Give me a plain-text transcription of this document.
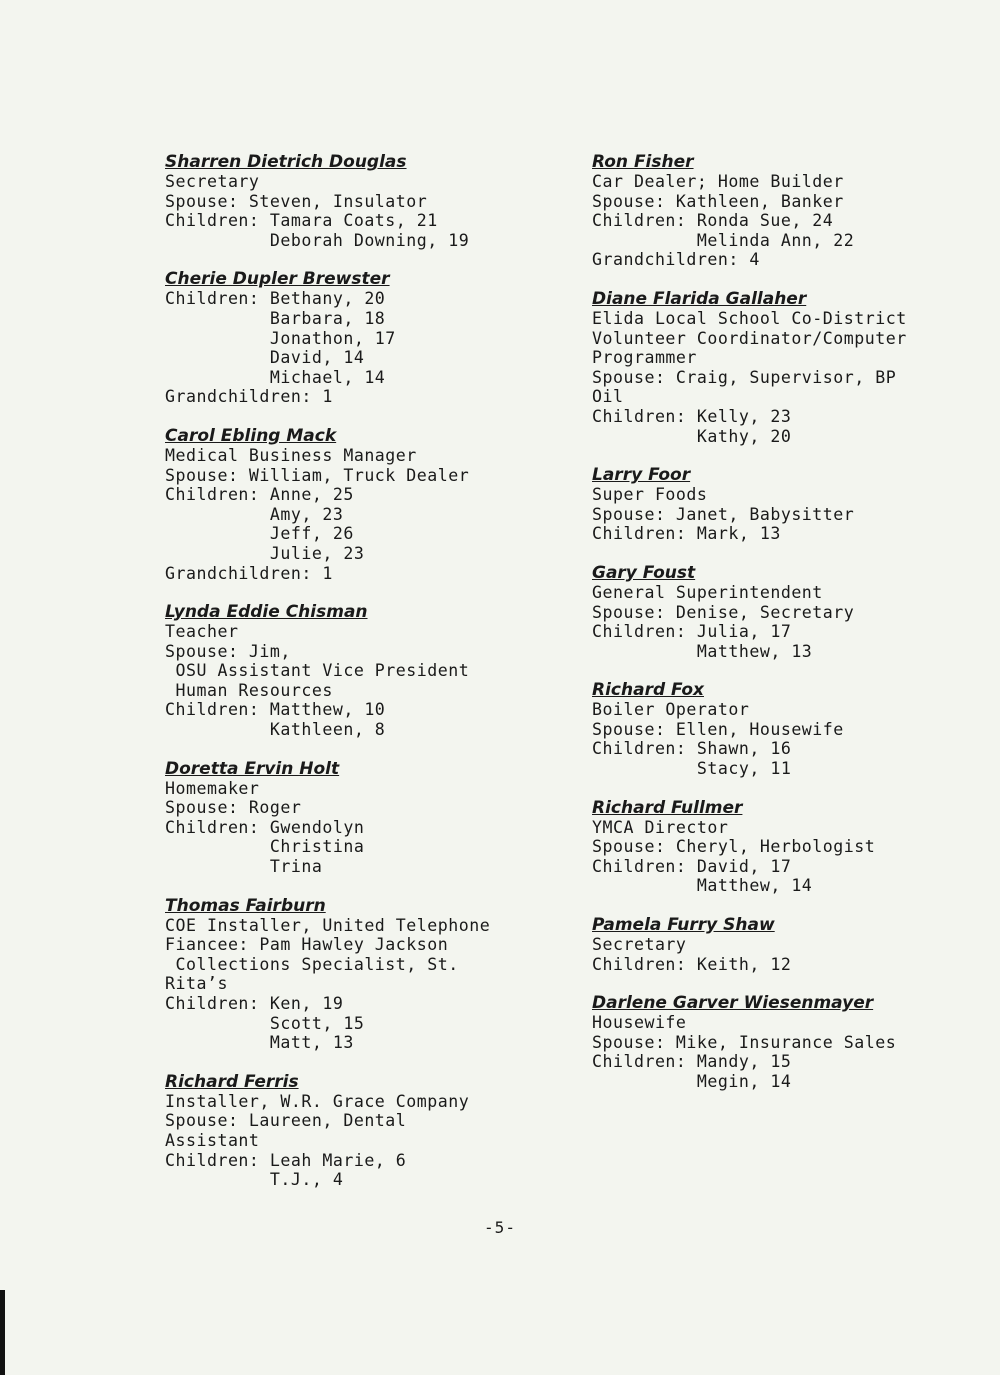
Sharren Dietrich Douglas
Secretary
Spouse: Steven, Insulator
Children: Tamara Coats, 21
Deborah Downing, 19
Cherie Dupler Brewster
Children: Bethany, 20
Barbara, 18
Jonathon, 17
David, 14
Michael, 14
Grandchildren: 1
Carol Ebling Mack
Medical Business Manager
Spouse: William, Truck Dealer
Children: Anne, 25
Amy, 23
Jeff, 26
Julie, 23
Grandchildren: 1
Lynda Eddie Chisman
Teacher
Spouse: Jim,
OSU Assistant Vice President
Human Resources
Children: Matthew, 10
Kathleen, 8
Doretta Ervin Holt
Homemaker
Spouse: Roger
Children: Gwendolyn
Christina
Trina
Thomas Fairburn
COE Installer, United Telephone
Fiancee: Pam Hawley Jackson
Collections Specialist, St.
Rita’s
Children: Ken, 19
Scott, 15
Matt, 13
Richard Ferris
Installer, W.R. Grace Company
Spouse: Laureen, Dental
Assistant
Children: Leah Marie, 6
T.J., 4
Ron Fisher
Car Dealer; Home Builder
Spouse: Kathleen, Banker
Children: Ronda Sue, 24
Melinda Ann, 22
Grandchildren: 4
Diane Flarida Gallaher
Elida Local School Co-District
Volunteer Coordinator/Computer
Programmer
Spouse: Craig, Supervisor, BP
Oil
Children: Kelly, 23
Kathy, 20
Larry Foor
Super Foods
Spouse: Janet, Babysitter
Children: Mark, 13
Gary Foust
General Superintendent
Spouse: Denise, Secretary
Children: Julia, 17
Matthew, 13
Richard Fox
Boiler Operator
Spouse: Ellen, Housewife
Children: Shawn, 16
Stacy, 11
Richard Fullmer
YMCA Director
Spouse: Cheryl, Herbologist
Children: David, 17
Matthew, 14
Pamela Furry Shaw
Secretary
Children: Keith, 12
Darlene Garver Wiesenmayer
Housewife
Spouse: Mike, Insurance Sales
Children: Mandy, 15
Megin, 14
-5-
